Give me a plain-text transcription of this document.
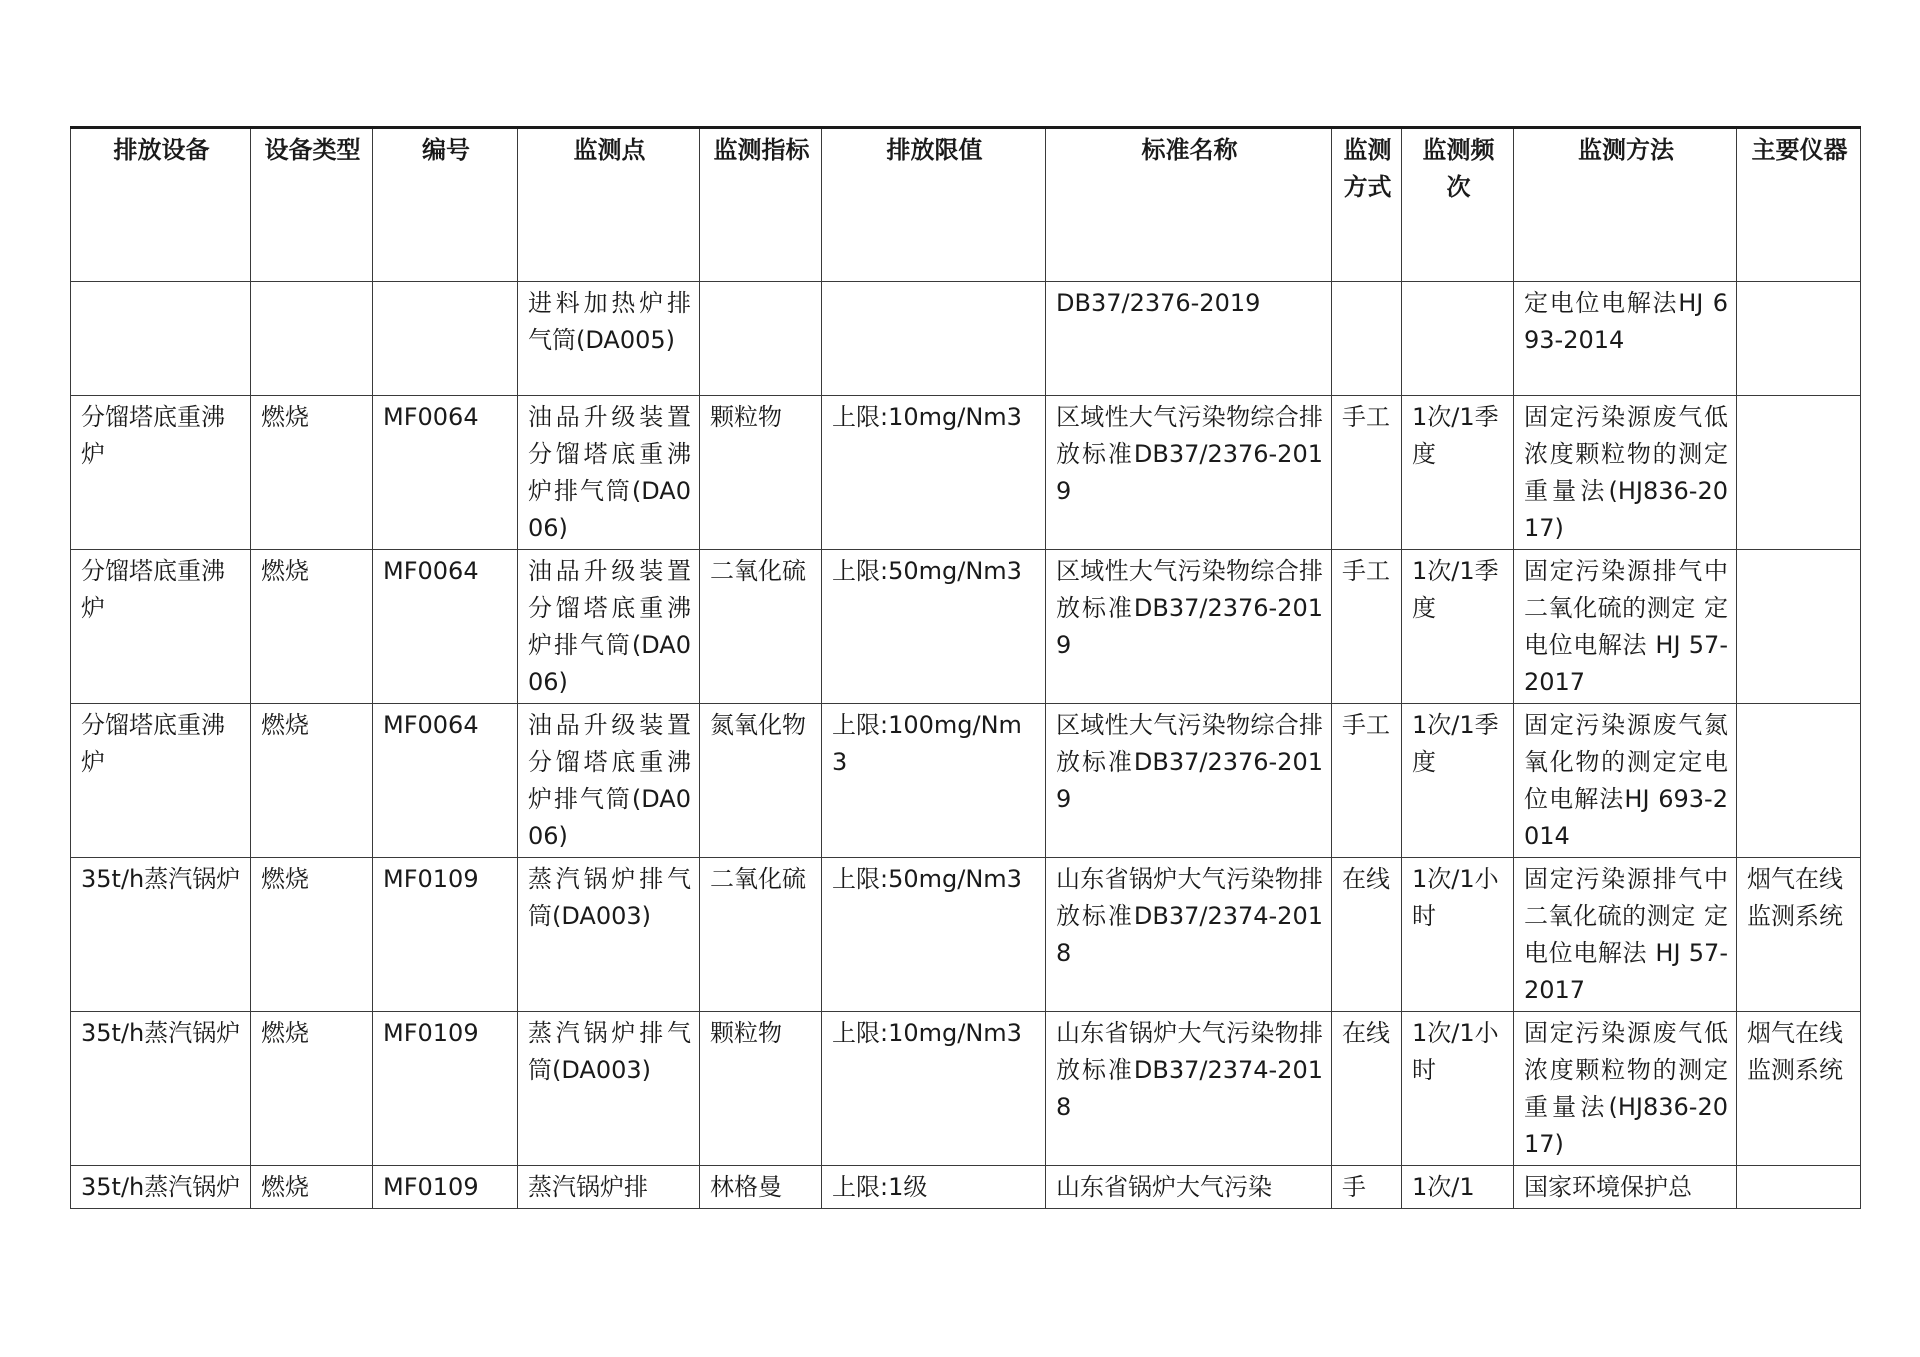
排放设备	设备类型	编号	监测点	监测指标	排放限值	标准名称	监测方式	监测频次	监测方法	主要仪器
			进料加热炉排气筒(DA005)			DB37/2376-2019			定电位电解法HJ 693-2014	
分馏塔底重沸炉	燃烧	MF0064	油品升级装置分馏塔底重沸炉排气筒(DA006)	颗粒物	上限:10mg/Nm3	区域性大气污染物综合排放标准DB37/2376-2019	手工	1次/1季度	固定污染源废气低浓度颗粒物的测定 重量法(HJ836-2017)	
分馏塔底重沸炉	燃烧	MF0064	油品升级装置分馏塔底重沸炉排气筒(DA006)	二氧化硫	上限:50mg/Nm3	区域性大气污染物综合排放标准DB37/2376-2019	手工	1次/1季度	固定污染源排气中二氧化硫的测定 定电位电解法 HJ 57-2017	
分馏塔底重沸炉	燃烧	MF0064	油品升级装置分馏塔底重沸炉排气筒(DA006)	氮氧化物	上限:100mg/Nm3	区域性大气污染物综合排放标准DB37/2376-2019	手工	1次/1季度	固定污染源废气氮氧化物的测定定电位电解法HJ 693-2014	
35t/h蒸汽锅炉	燃烧	MF0109	蒸汽锅炉排气筒(DA003)	二氧化硫	上限:50mg/Nm3	山东省锅炉大气污染物排放标准DB37/2374-2018	在线	1次/1小时	固定污染源排气中二氧化硫的测定 定电位电解法 HJ 57-2017	烟气在线监测系统
35t/h蒸汽锅炉	燃烧	MF0109	蒸汽锅炉排气筒(DA003)	颗粒物	上限:10mg/Nm3	山东省锅炉大气污染物排放标准DB37/2374-2018	在线	1次/1小时	固定污染源废气低浓度颗粒物的测定 重量法(HJ836-2017)	烟气在线监测系统
35t/h蒸汽锅炉	燃烧	MF0109	蒸汽锅炉排	林格曼	上限:1级	山东省锅炉大气污染	手	1次/1	国家环境保护总	
